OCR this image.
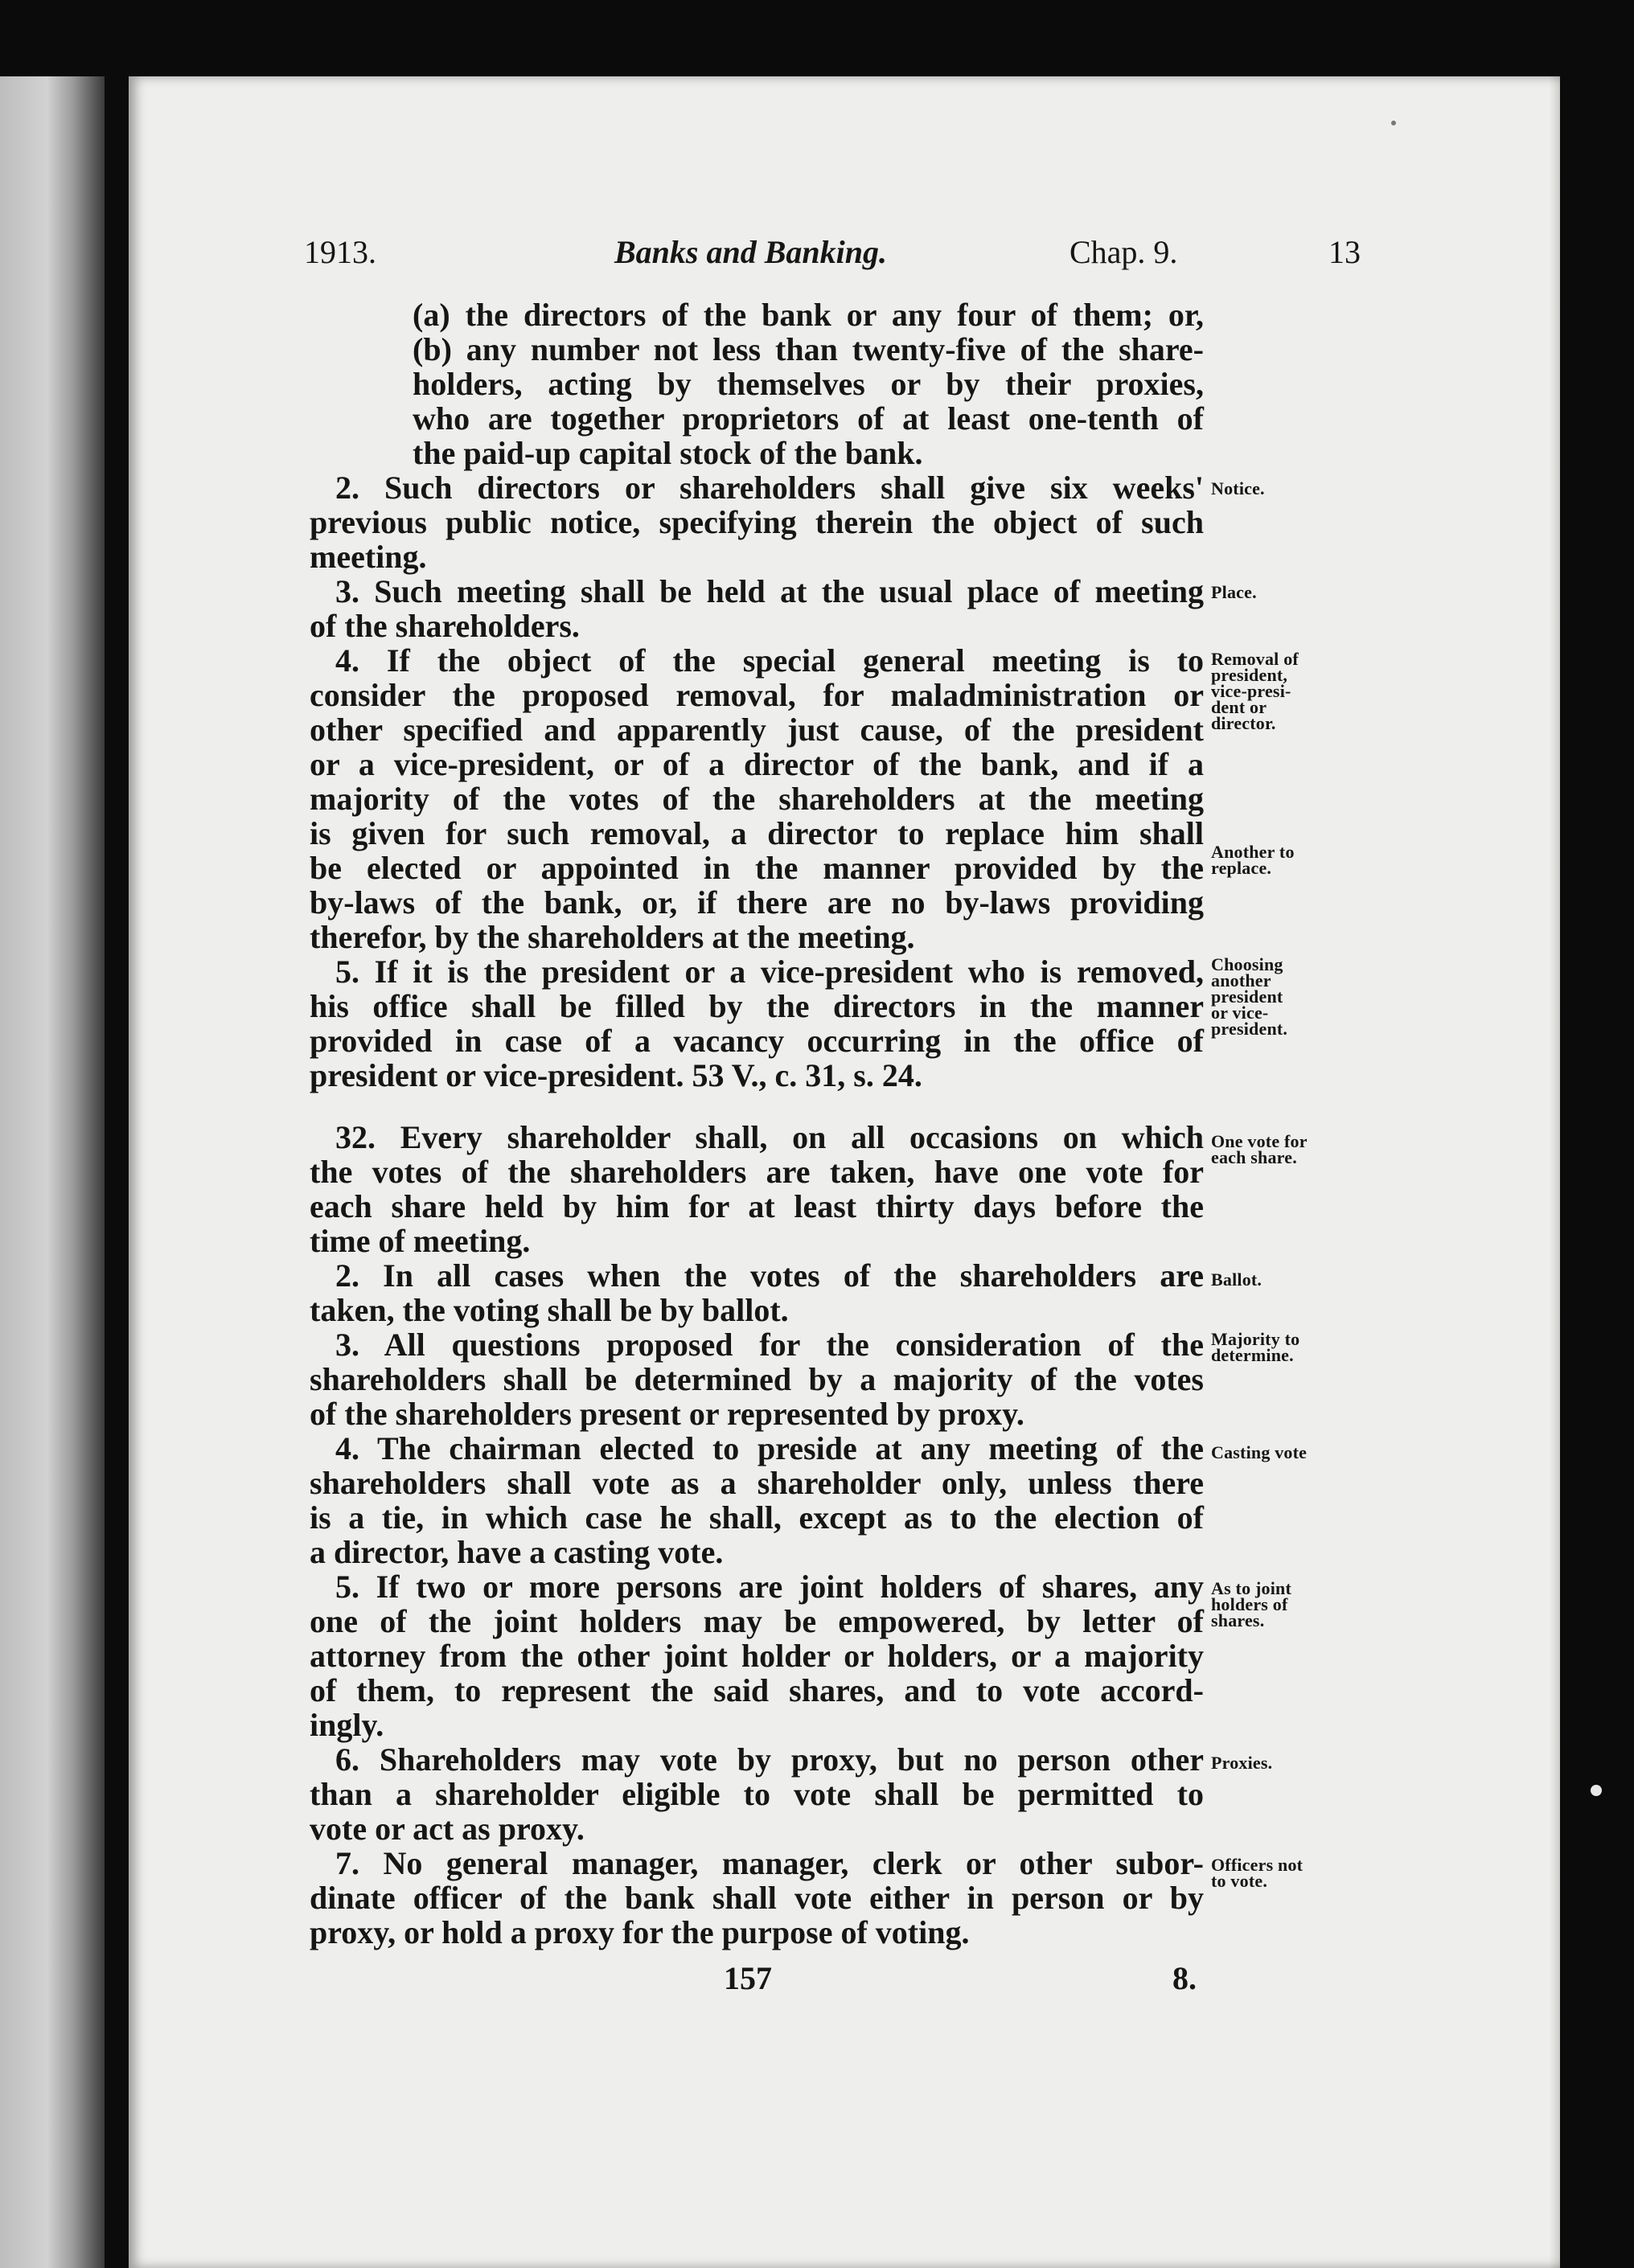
1913.	Banks and Banking.	Chap. 9.	13
(a) the directors of the bank or any four of them; or,
(b) any number not less than twenty-five of the share-
holders, acting by themselves or by their proxies,
who are together proprietors of at least one-tenth of
the paid-up capital stock of the bank.
2. Such directors or shareholders shall give six weeks'
previous public notice, specifying therein the object of such
meeting.
3. Such meeting shall be held at the usual place of meeting
of the shareholders.
4. If the object of the special general meeting is to
consider the proposed removal, for maladministration or
other specified and apparently just cause, of the president
or a vice-president, or of a director of the bank, and if a
majority of the votes of the shareholders at the meeting
is given for such removal, a director to replace him shall
be elected or appointed in the manner provided by the
by-laws of the bank, or, if there are no by-laws providing
therefor, by the shareholders at the meeting.
5. If it is the president or a vice-president who is removed,
his office shall be filled by the directors in the manner
provided in case of a vacancy occurring in the office of
president or vice-president. 53 V., c. 31, s. 24.
32. Every shareholder shall, on all occasions on which
the votes of the shareholders are taken, have one vote for
each share held by him for at least thirty days before the
time of meeting.
2. In all cases when the votes of the shareholders are
taken, the voting shall be by ballot.
3. All questions proposed for the consideration of the
shareholders shall be determined by a majority of the votes
of the shareholders present or represented by proxy.
4. The chairman elected to preside at any meeting of the
shareholders shall vote as a shareholder only, unless there
is a tie, in which case he shall, except as to the election of
a director, have a casting vote.
5. If two or more persons are joint holders of shares, any
one of the joint holders may be empowered, by letter of
attorney from the other joint holder or holders, or a majority
of them, to represent the said shares, and to vote accord-
ingly.
6. Shareholders may vote by proxy, but no person other
than a shareholder eligible to vote shall be permitted to
vote or act as proxy.
7. No general manager, manager, clerk or other subor-
dinate officer of the bank shall vote either in person or by
proxy, or hold a proxy for the purpose of voting.
Notice.
Place.
Removal of
president,
vice-presi-
dent or
director.
Another to
replace.
Choosing
another
president
or vice-
president.
One vote for
each share.
Ballot.
Majority to
determine.
Casting vote
As to joint
holders of
shares.
Proxies.
Officers not
to vote.
157	8.
